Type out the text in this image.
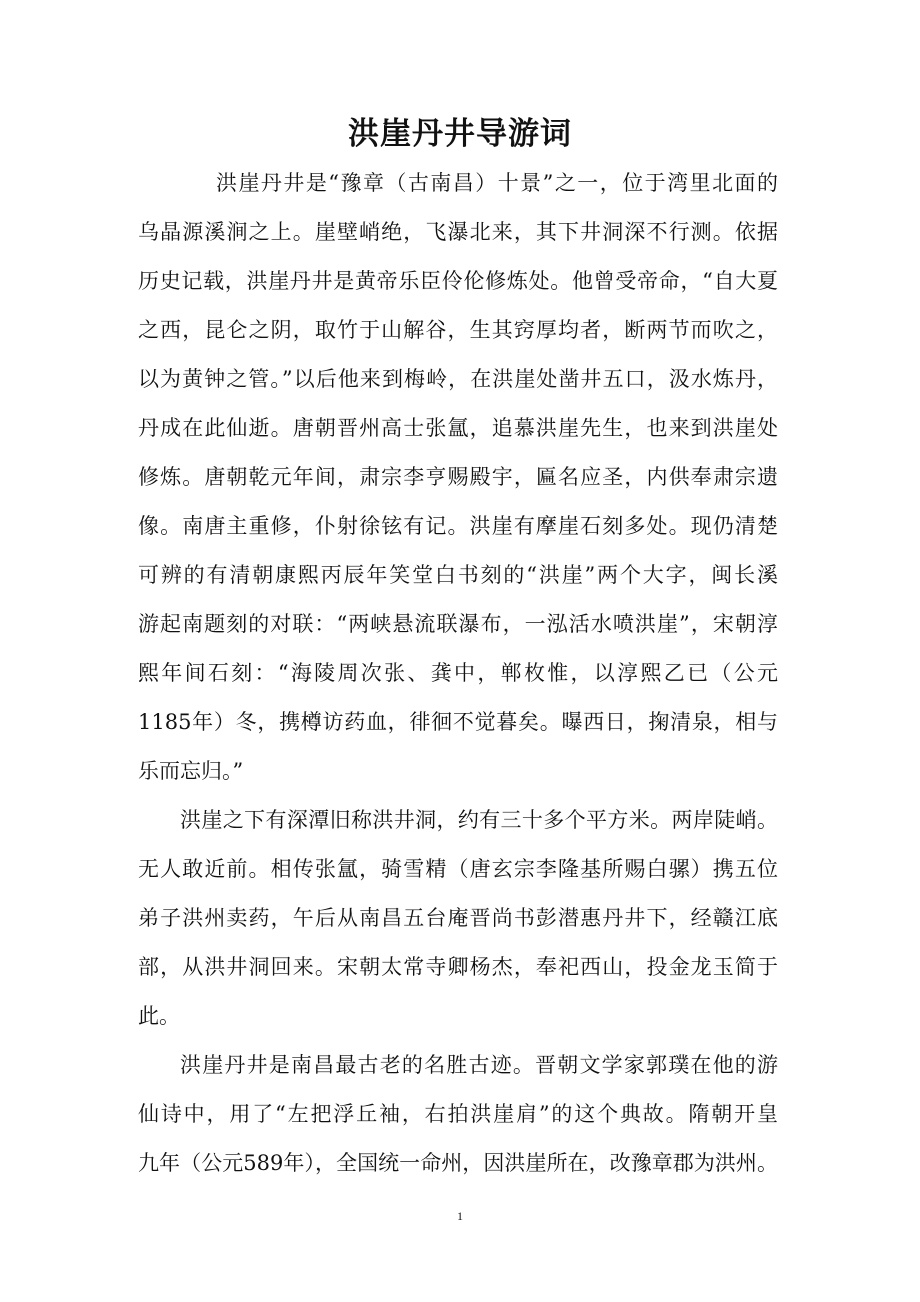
洪崖丹井导游词
洪崖丹井是“豫章（古南昌）十景”之一，位于湾里北面的
乌晶源溪涧之上。崖壁峭绝，飞瀑北来，其下井洞深不行测。依据
历史记载，洪崖丹井是黄帝乐臣伶伦修炼处。他曾受帝命，“自大夏
之西，昆仑之阴，取竹于山解谷，生其窍厚均者，断两节而吹之，
以为黄钟之管。”以后他来到梅岭，在洪崖处凿井五口，汲水炼丹，
丹成在此仙逝。唐朝晋州高士张氲，追慕洪崖先生，也来到洪崖处
修炼。唐朝乾元年间，肃宗李亨赐殿宇，匾名应圣，内供奉肃宗遗
像。南唐主重修，仆射徐铉有记。洪崖有摩崖石刻多处。现仍清楚
可辨的有清朝康熙丙辰年笑堂白书刻的“洪崖”两个大字，闽长溪
游起南题刻的对联：“两峡悬流联瀑布，一泓活水喷洪崖”，宋朝淳
熙年间石刻：“海陵周次张、龚中，郸枚惟，以淳熙乙已（公元
1185年）冬，携樽访药血，徘徊不觉暮矣。曝西日，掬清泉，相与
乐而忘归。”
洪崖之下有深潭旧称洪井洞，约有三十多个平方米。两岸陡峭。
无人敢近前。相传张氲，骑雪精（唐玄宗李隆基所赐白骡）携五位
弟子洪州卖药，午后从南昌五台庵晋尚书彭潜惠丹井下，经赣江底
部，从洪井洞回来。宋朝太常寺卿杨杰，奉祀西山，投金龙玉简于
此。
洪崖丹井是南昌最古老的名胜古迹。晋朝文学家郭璞在他的游
仙诗中，用了“左把浮丘袖，右拍洪崖肩”的这个典故。隋朝开皇
九年（公元589年），全国统一命州，因洪崖所在，改豫章郡为洪州。
1
